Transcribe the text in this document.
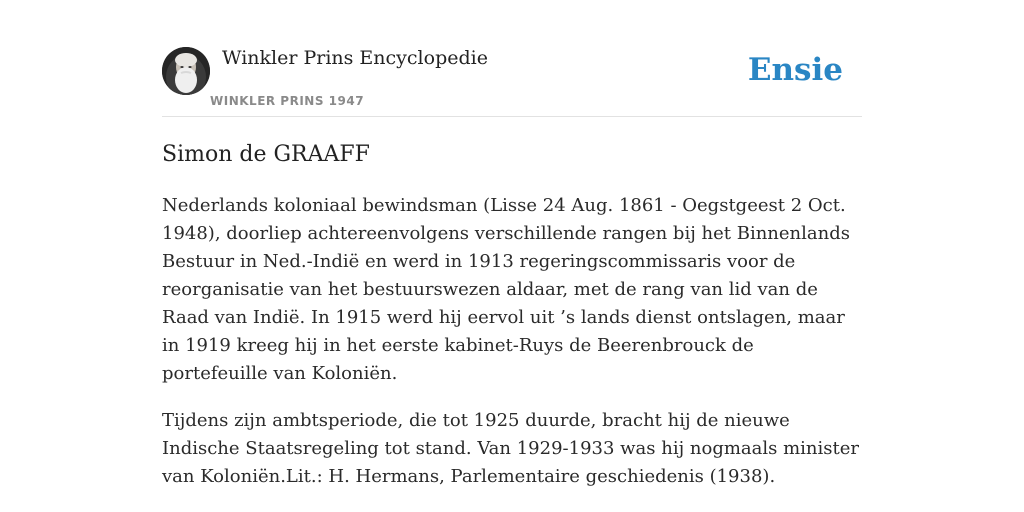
Winkler Prins Encyclopedie
WINKLER PRINS 1947
Ensie
Simon de GRAAFF

Nederlands koloniaal bewindsman (Lisse 24 Aug. 1861 - Oegstgeest 2 Oct. 1948), doorliep achtereenvolgens verschillende rangen bij het Binnenlands Bestuur in Ned.-Indië en werd in 1913 regeringscommissaris voor de reorganisatie van het bestuurswezen aldaar, met de rang van lid van de Raad van Indië. In 1915 werd hij eervol uit ’s lands dienst ontslagen, maar in 1919 kreeg hij in het eerste kabinet-Ruys de Beerenbrouck de portefeuille van Koloniën.

Tijdens zijn ambtsperiode, die tot 1925 duurde, bracht hij de nieuwe Indische Staatsregeling tot stand. Van 1929-1933 was hij nogmaals minister van Koloniën.Lit.: H. Hermans, Parlementaire geschiedenis (1938).
